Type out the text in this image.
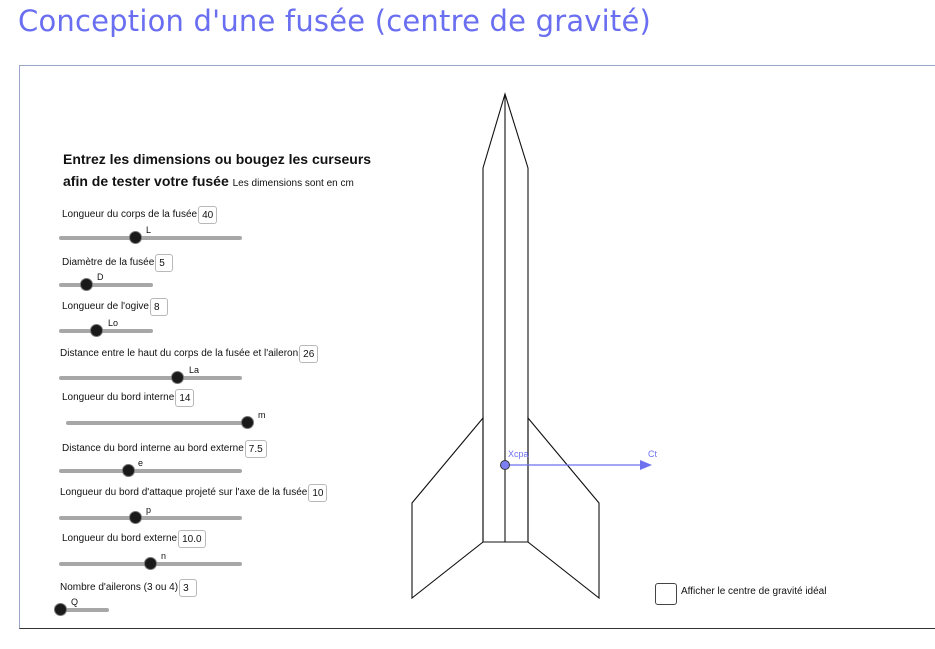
Conception d'une fusée (centre de gravité)
Entrez les dimensions ou bougez les curseurs
afin de tester votre fusée Les dimensions sont en cm
Longueur du corps de la fusée 40
L
Diamètre de la fusée 5
D
Longueur de l'ogive 8
Lo
Distance entre le haut du corps de la fusée et l'aileron 26
La
Longueur du bord interne 14
m
Distance du bord interne au bord externe 7.5
e
Longueur du bord d'attaque projeté sur l'axe de la fusée 10
p
Longueur du bord externe 10.0
n
Nombre d'ailerons (3 ou 4) 3
Q
Xcpa	Ct
Afficher le centre de gravité idéal
